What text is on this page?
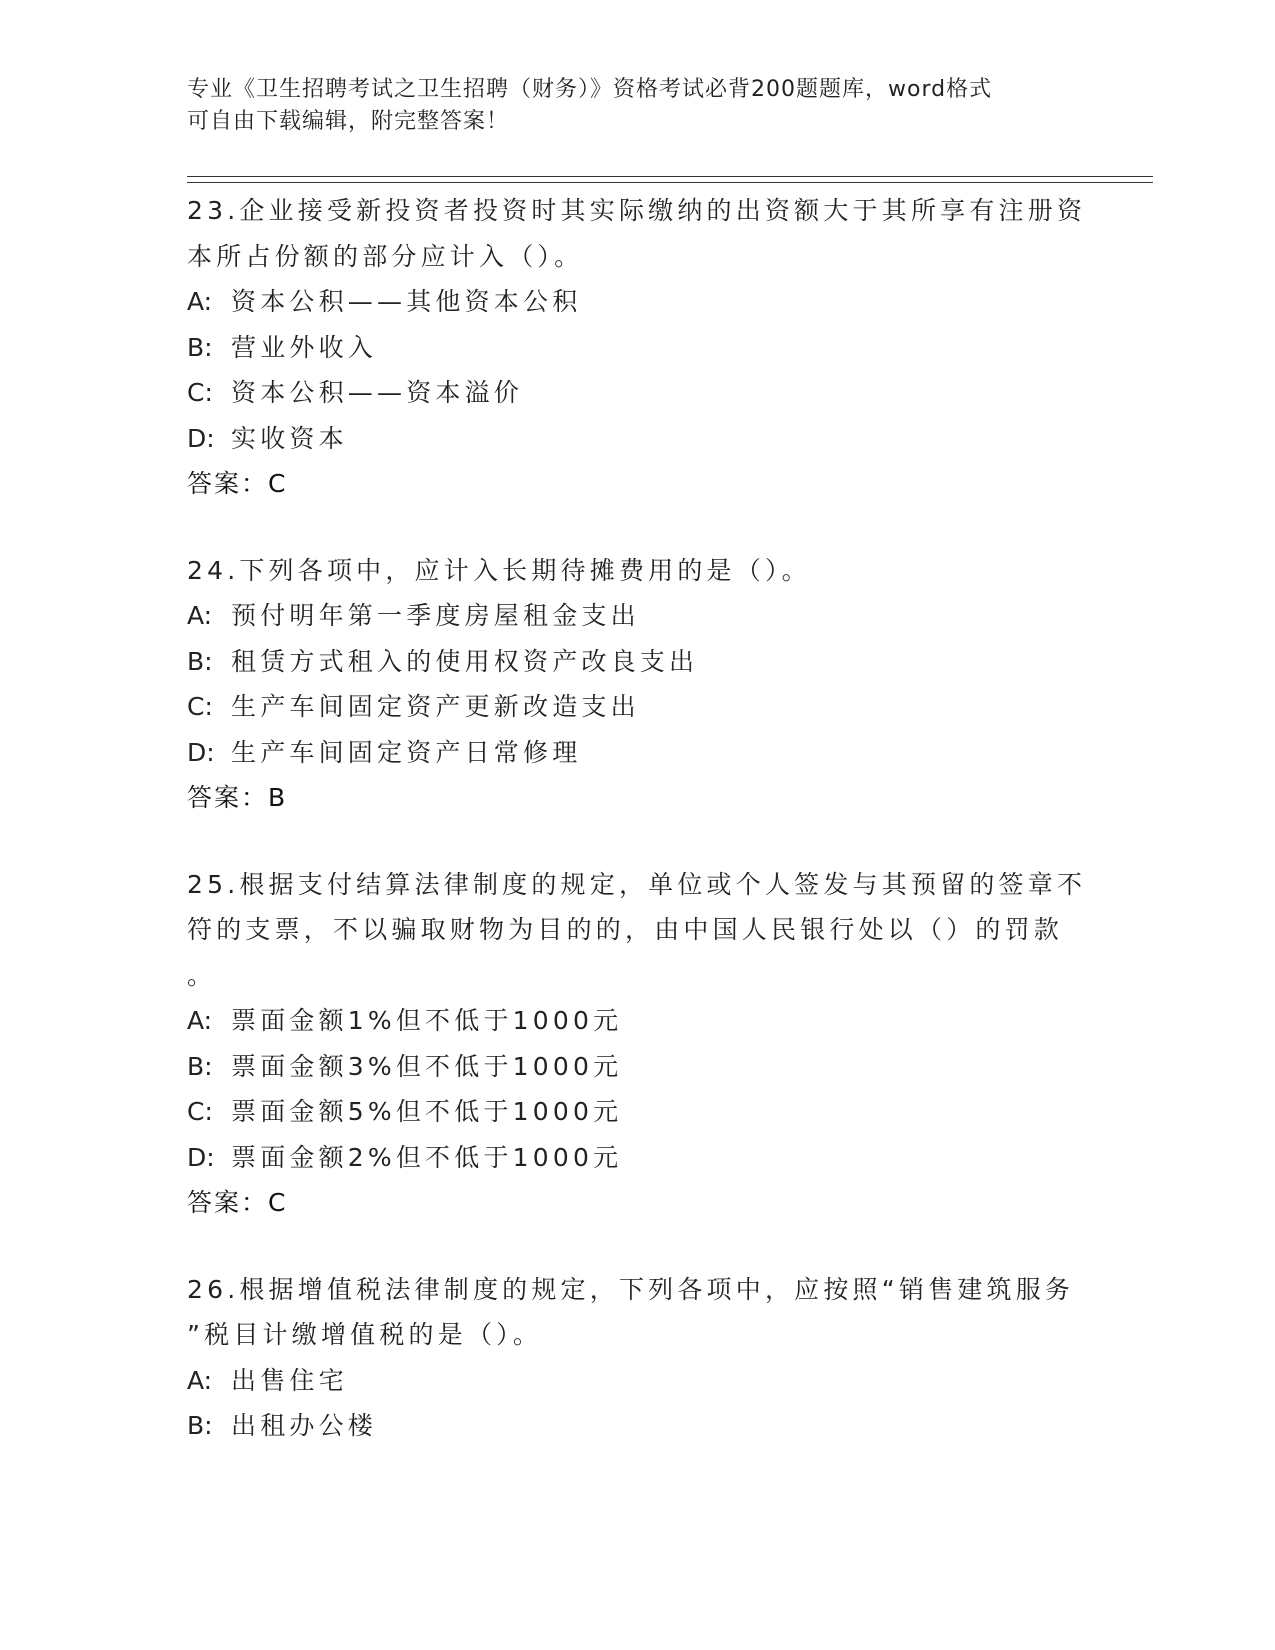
专业《卫生招聘考试之卫生招聘（财务）》资格考试必背200题题库，word格式
可自由下载编辑，附完整答案！
23.企业接受新投资者投资时其实际缴纳的出资额大于其所享有注册资
本所占份额的部分应计入（）。
A: 资本公积——其他资本公积
B: 营业外收入
C: 资本公积——资本溢价
D: 实收资本
答案：C
24.下列各项中，应计入长期待摊费用的是（）。
A: 预付明年第一季度房屋租金支出
B: 租赁方式租入的使用权资产改良支出
C: 生产车间固定资产更新改造支出
D: 生产车间固定资产日常修理
答案：B
25.根据支付结算法律制度的规定，单位或个人签发与其预留的签章不
符的支票，不以骗取财物为目的的，由中国人民银行处以（）的罚款
。
A: 票面金额1%但不低于1000元
B: 票面金额3%但不低于1000元
C: 票面金额5%但不低于1000元
D: 票面金额2%但不低于1000元
答案：C
26.根据增值税法律制度的规定，下列各项中，应按照“销售建筑服务
”税目计缴增值税的是（）。
A: 出售住宅
B: 出租办公楼
